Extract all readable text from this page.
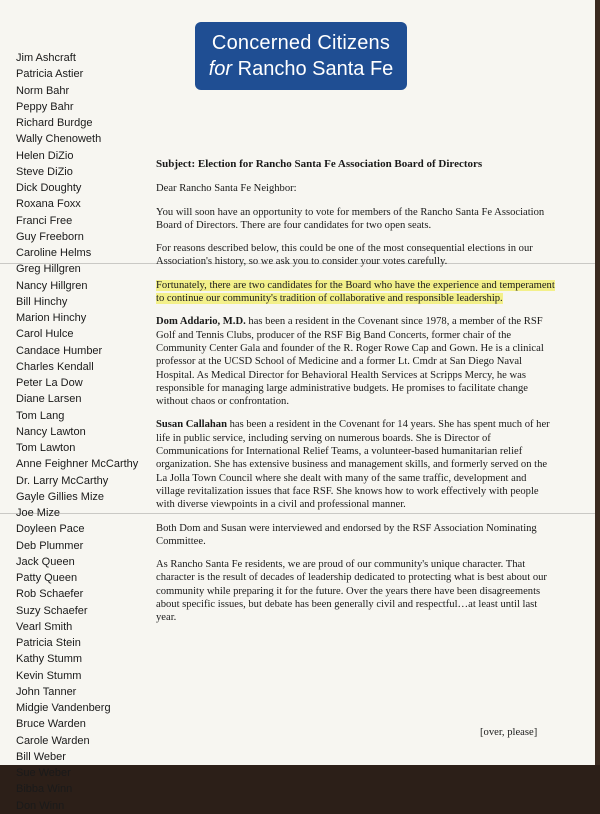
Concerned Citizens
for Rancho Santa Fe
Jim Ashcraft
Patricia Astier
Norm Bahr
Peppy Bahr
Richard Burdge
Wally Chenoweth
Helen DiZio
Steve DiZio
Dick Doughty
Roxana Foxx
Franci Free
Guy Freeborn
Caroline Helms
Greg Hillgren
Nancy Hillgren
Bill Hinchy
Marion Hinchy
Carol Hulce
Candace Humber
Charles Kendall
Peter La Dow
Diane Larsen
Tom Lang
Nancy Lawton
Tom Lawton
Anne Feighner McCarthy
Dr. Larry McCarthy
Gayle Gillies Mize
Joe Mize
Doyleen Pace
Deb Plummer
Jack Queen
Patty Queen
Rob Schaefer
Suzy Schaefer
Vearl Smith
Patricia Stein
Kathy Stumm
Kevin Stumm
John Tanner
Midgie Vandenberg
Bruce Warden
Carole Warden
Bill Weber
Sue Weber
Bibba Winn
Don Winn

Subject: Election for Rancho Santa Fe Association Board of Directors

Dear Rancho Santa Fe Neighbor:

You will soon have an opportunity to vote for members of the Rancho Santa Fe Association Board of Directors. There are four candidates for two open seats.

For reasons described below, this could be one of the most consequential elections in our Association's history, so we ask you to consider your votes carefully.

Fortunately, there are two candidates for the Board who have the experience and temperament to continue our community's tradition of collaborative and responsible leadership.

Dom Addario, M.D. has been a resident in the Covenant since 1978, a member of the RSF Golf and Tennis Clubs, producer of the RSF Big Band Concerts, former chair of the Community Center Gala and founder of the R. Roger Rowe Cap and Gown. He is a clinical professor at the UCSD School of Medicine and a former Lt. Cmdr at San Diego Naval Hospital. As Medical Director for Behavioral Health Services at Scripps Mercy, he was responsible for managing large administrative budgets. He promises to facilitate change without chaos or confrontation.

Susan Callahan has been a resident in the Covenant for 14 years. She has spent much of her life in public service, including serving on numerous boards. She is Director of Communications for International Relief Teams, a volunteer-based humanitarian relief organization. She has extensive business and management skills, and formerly served on the La Jolla Town Council where she dealt with many of the same traffic, development and village revitalization issues that face RSF. She knows how to work effectively with people with diverse viewpoints in a civil and professional manner.

Both Dom and Susan were interviewed and endorsed by the RSF Association Nominating Committee.

As Rancho Santa Fe residents, we are proud of our community's unique character. That character is the result of decades of leadership dedicated to protecting what is best about our community while preparing it for the future. Over the years there have been disagreements about specific issues, but debate has been generally civil and respectful…at least until last year.

[over, please]
